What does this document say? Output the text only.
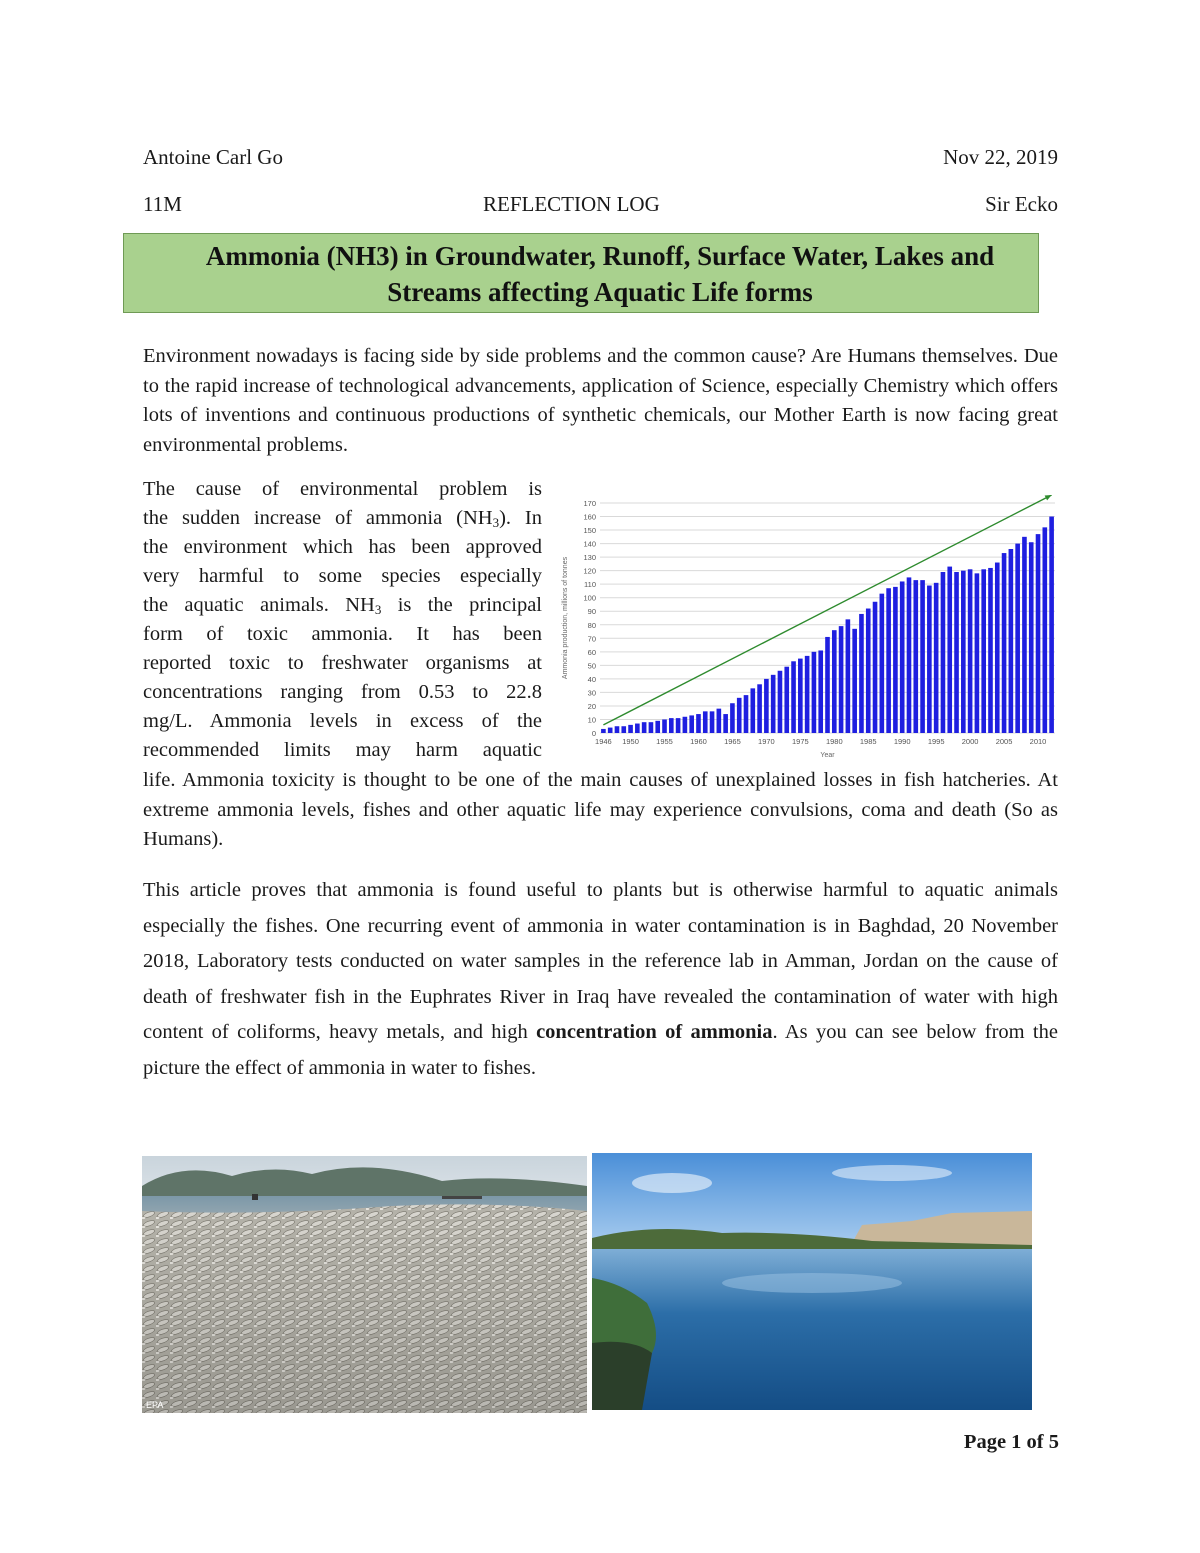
Antoine Carl Go	Nov 22, 2019
11M	REFLECTION LOG	Sir Ecko
Ammonia (NH3) in Groundwater, Runoff, Surface Water, Lakes and
Streams affecting Aquatic Life forms
Environment nowadays is facing side by side problems and the common cause? Are Humans themselves. Due to the rapid increase of technological advancements, application of Science, especially Chemistry which offers lots of inventions and continuous productions of synthetic chemicals, our Mother Earth is now facing great environmental problems.
The cause of environmental problem is
the sudden increase of ammonia $(NH_3)$. In
the environment which has been approved
very harmful to some species especially
the aquatic animals. $NH_3$ is the principal
form of toxic ammonia. It has been
reported toxic to freshwater organisms at
concentrations ranging from 0.53 to 22.8
mg/L. Ammonia levels in excess of the
recommended limits may harm aquatic
0
10
20
30
40
50
60
70
80
90
100
110
120
130
140
150
160
170
1946 1950 1955 1960 1965 1970 1975 1980 1985 1990 1995 2000 2005 2010
Ammonia production, millions of tonnes
Year
life. Ammonia toxicity is thought to be one of the main causes of unexplained losses in fish hatcheries. At extreme ammonia levels, fishes and other aquatic life may experience convulsions, coma and death (So as Humans).
This article proves that ammonia is found useful to plants but is otherwise harmful to aquatic animals especially the fishes. One recurring event of ammonia in water contamination is in Baghdad, 20 November 2018, Laboratory tests conducted on water samples in the reference lab in Amman, Jordan on the cause of death of freshwater fish in the Euphrates River in Iraq have revealed the contamination of water with high content of coliforms, heavy metals, and high concentration of ammonia. As you can see below from the picture the effect of ammonia in water to fishes.
EPA
Page 1 of 5
